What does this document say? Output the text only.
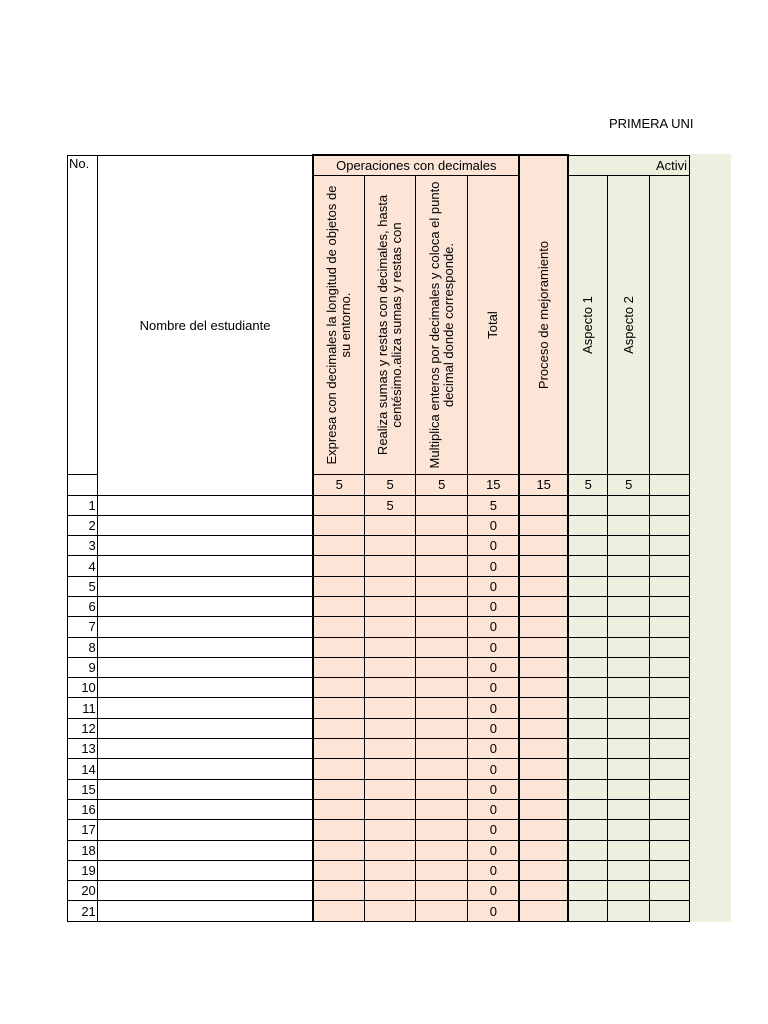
PRIMERA UNI
No.	Nombre del estudiante	Operaciones con decimales				Proceso de mejoramiento	Activi		

		Expresa con decimales la longitud de objetos de su entorno.	Realiza sumas y restas con decimales, hasta centésimo.aliza sumas y restas con	Multiplica enteros por decimales y coloca el punto decimal donde corresponde.	Total		Aspecto 1	Aspecto 2	

		5	5	5	15	15	5	5	
1			5		5				
2					0				
3					0				
4					0				
5					0				
6					0				
7					0				
8					0				
9					0				
10					0				
11					0				
12					0				
13					0				
14					0				
15					0				
16					0				
17					0				
18					0				
19					0				
20					0				
21					0				
